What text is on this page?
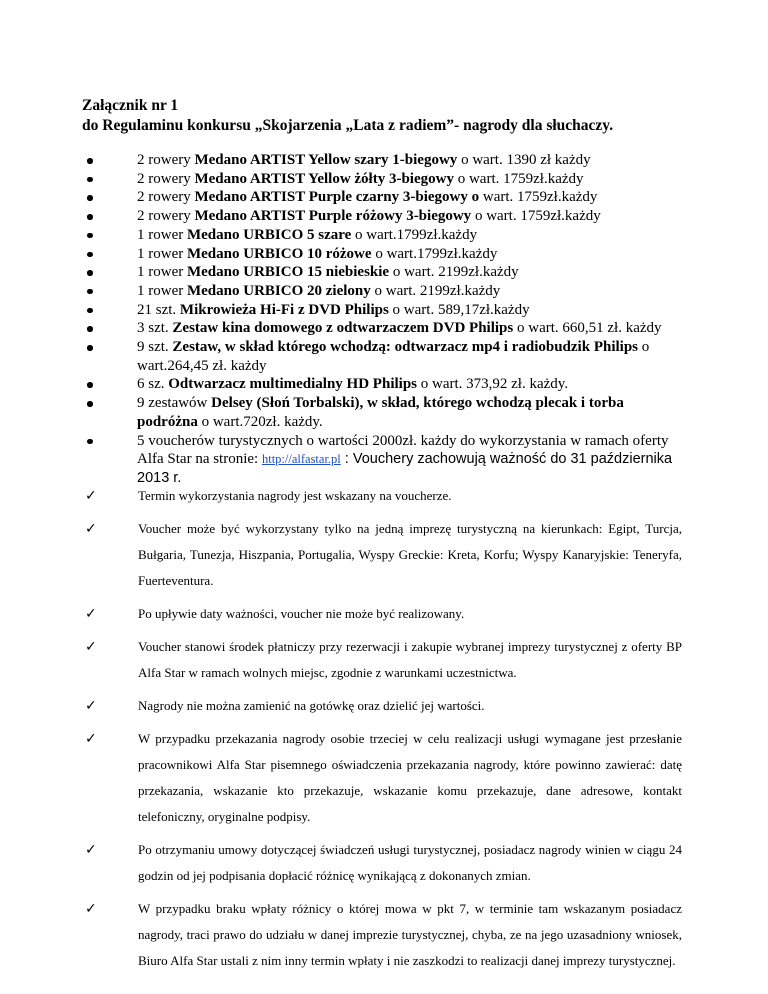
Załącznik nr 1
do Regulaminu konkursu „Skojarzenia „Lata z radiem”- nagrody dla słuchaczy.
2 rowery Medano ARTIST Yellow szary 1-biegowy o wart. 1390 zł każdy
2 rowery Medano ARTIST Yellow żółty 3-biegowy o wart. 1759zł.każdy
2 rowery Medano ARTIST Purple czarny 3-biegowy o wart. 1759zł.każdy
2 rowery Medano ARTIST Purple różowy 3-biegowy o wart. 1759zł.każdy
1 rower Medano URBICO 5 szare o wart.1799zł.każdy
1 rower Medano URBICO 10 różowe o wart.1799zł.każdy
1 rower Medano URBICO 15 niebieskie o wart. 2199zł.każdy
1 rower Medano URBICO 20 zielony o wart. 2199zł.każdy
21 szt. Mikrowieża Hi-Fi z DVD Philips o wart. 589,17zł.każdy
3 szt. Zestaw kina domowego z odtwarzaczem DVD Philips o wart. 660,51 zł. każdy
9 szt. Zestaw, w skład którego wchodzą: odtwarzacz mp4 i radiobudzik Philips o wart.264,45 zł. każdy
6 sz. Odtwarzacz multimedialny HD Philips o wart. 373,92 zł. każdy.
9 zestawów Delsey (Słoń Torbalski), w skład, którego wchodzą plecak i torba podróżna o wart.720zł. każdy.
5 voucherów turystycznych o wartości 2000zł. każdy do wykorzystania w ramach oferty Alfa Star na stronie: http://alfastar.pl : Vouchery zachowują ważność do 31 października 2013 r.
✓ Termin wykorzystania nagrody jest wskazany na voucherze.
✓ Voucher może być wykorzystany tylko na jedną imprezę turystyczną na kierunkach: Egipt, Turcja, Bułgaria, Tunezja, Hiszpania, Portugalia, Wyspy Greckie: Kreta, Korfu; Wyspy Kanaryjskie: Teneryfa, Fuerteventura.
✓ Po upływie daty ważności, voucher nie może być realizowany.
✓ Voucher stanowi środek płatniczy przy rezerwacji i zakupie wybranej imprezy turystycznej z oferty BP Alfa Star w ramach wolnych miejsc, zgodnie z warunkami uczestnictwa.
✓ Nagrody nie można zamienić na gotówkę oraz dzielić jej wartości.
✓ W przypadku przekazania nagrody osobie trzeciej w celu realizacji usługi wymagane jest przesłanie pracownikowi Alfa Star pisemnego oświadczenia przekazania nagrody, które powinno zawierać: datę przekazania, wskazanie kto przekazuje, wskazanie komu przekazuje, dane adresowe, kontakt telefoniczny, oryginalne podpisy.
✓ Po otrzymaniu umowy dotyczącej świadczeń usługi turystycznej, posiadacz nagrody winien w ciągu 24 godzin od jej podpisania dopłacić różnicę wynikającą z dokonanych zmian.
✓ W przypadku braku wpłaty różnicy o której mowa w pkt 7, w terminie tam wskazanym posiadacz nagrody, traci prawo do udziału w danej imprezie turystycznej, chyba, ze na jego uzasadniony wniosek, Biuro Alfa Star ustali z nim inny termin wpłaty i nie zaszkodzi to realizacji danej imprezy turystycznej.
